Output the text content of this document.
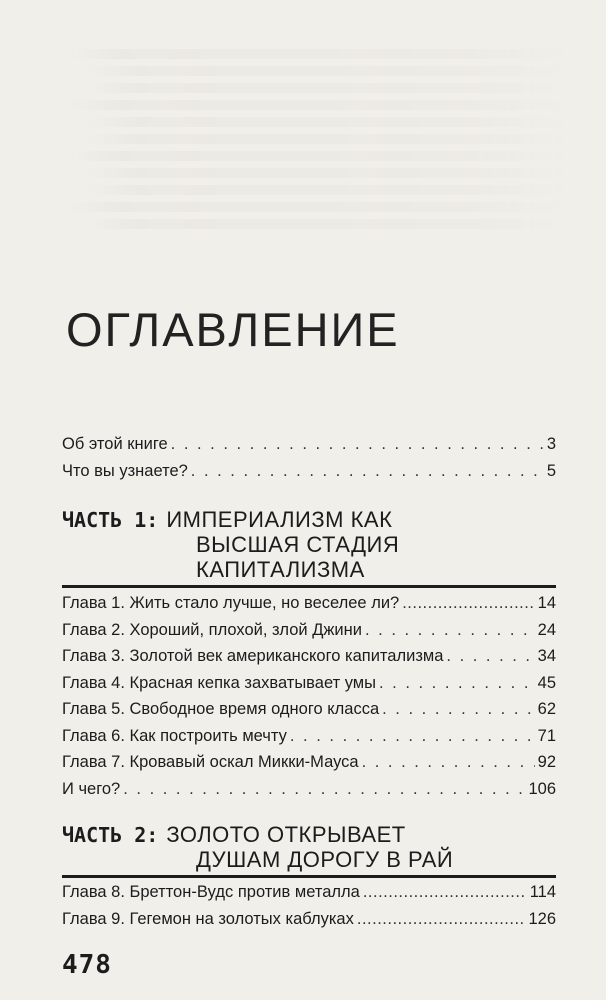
ОГЛАВЛЕНИЕ
Об этой книге . . .	3
Что вы узнаете? . . .	5
ЧАСТЬ 1: ИМПЕРИАЛИЗМ КАК
ВЫСШАЯ СТАДИЯ
КАПИТАЛИЗМА
Глава 1. Жить стало лучше, но веселее ли? .....	14
Глава 2. Хороший, плохой, злой Джини . . .	24
Глава 3. Золотой век американского капитализма . . .	34
Глава 4. Красная кепка захватывает умы . . .	45
Глава 5. Свободное время одного класса . . .	62
Глава 6. Как построить мечту . . .	71
Глава 7. Кровавый оскал Микки-Мауса . . .	92
И чего? . . .	106
ЧАСТЬ 2: ЗОЛОТО ОТКРЫВАЕТ
ДУШАМ ДОРОГУ В РАЙ
Глава 8. Бреттон-Вудс против металла .....	114
Глава 9. Гегемон на золотых каблуках .....	126
478
